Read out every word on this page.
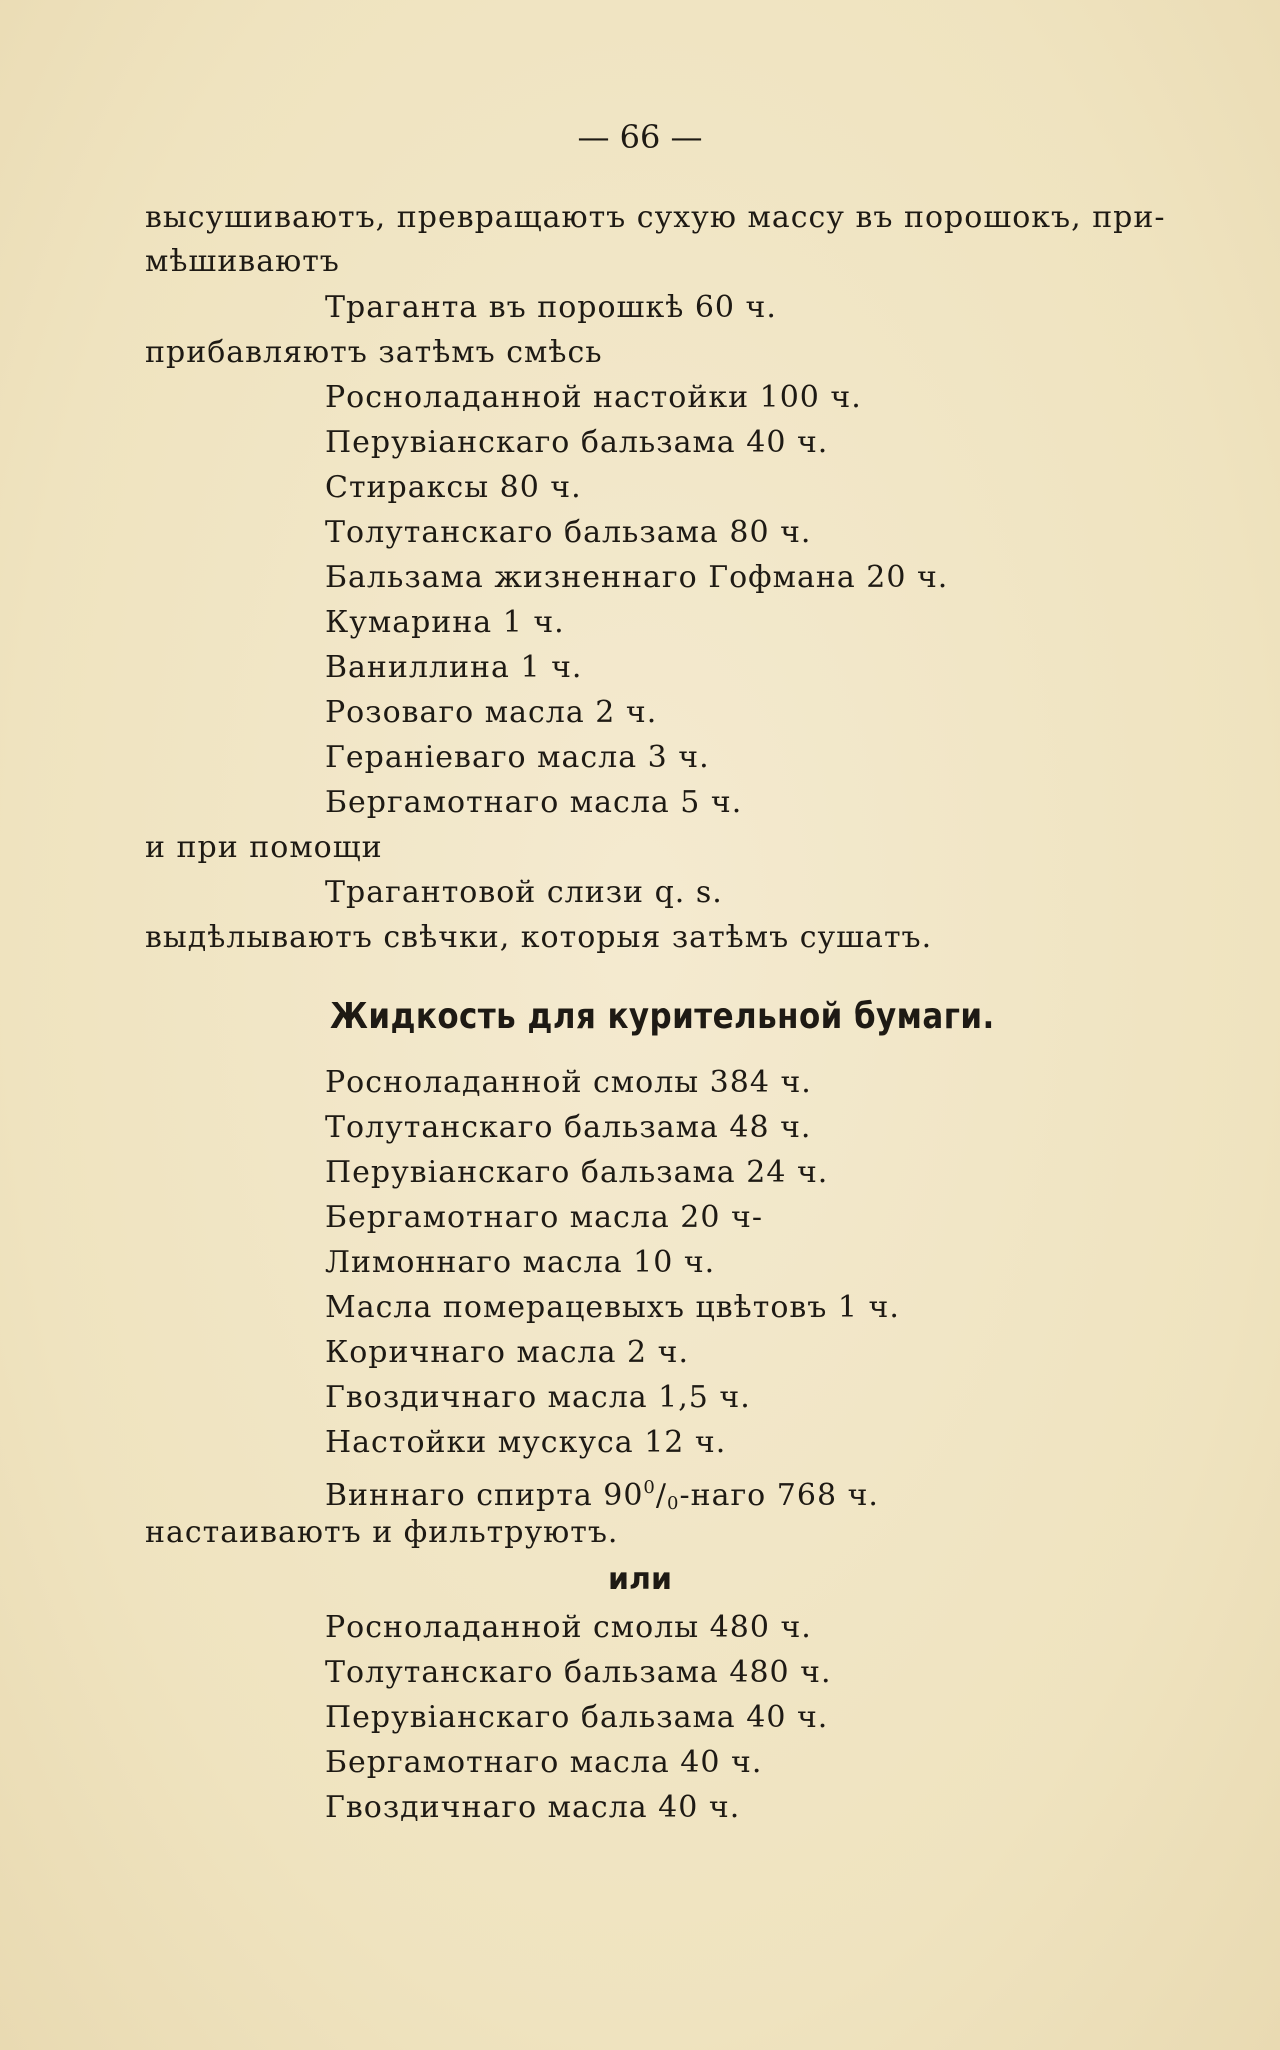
— 66 —
высушиваютъ, превращаютъ сухую массу въ порошокъ, при-
мѣшиваютъ
Траганта въ порошкѣ 60 ч.
прибавляютъ затѣмъ смѣсь
Росноладанной настойки 100 ч.
Перувіанскаго бальзама 40 ч.
Стираксы 80 ч.
Толутанскаго бальзама 80 ч.
Бальзама жизненнаго Гофмана 20 ч.
Кумарина 1 ч.
Ваниллина 1 ч.
Розоваго масла 2 ч.
Гераніеваго масла 3 ч.
Бергамотнаго масла 5 ч.
и при помощи
Трагантовой слизи q. s.
выдѣлываютъ свѣчки, которыя затѣмъ сушатъ.
Жидкость для курительной бумаги.
Росноладанной смолы 384 ч.
Толутанскаго бальзама 48 ч.
Перувіанскаго бальзама 24 ч.
Бергамотнаго масла 20 ч-
Лимоннаго масла 10 ч.
Масла померацевыхъ цвѣтовъ 1 ч.
Коричнаго масла 2 ч.
Гвоздичнаго масла 1,5 ч.
Настойки мускуса 12 ч.
Виннаго спирта $90^0/_0$-наго 768 ч.
настаиваютъ и фильтруютъ.
или
Росноладанной смолы 480 ч.
Толутанскаго бальзама 480 ч.
Перувіанскаго бальзама 40 ч.
Бергамотнаго масла 40 ч.
Гвоздичнаго масла 40 ч.
